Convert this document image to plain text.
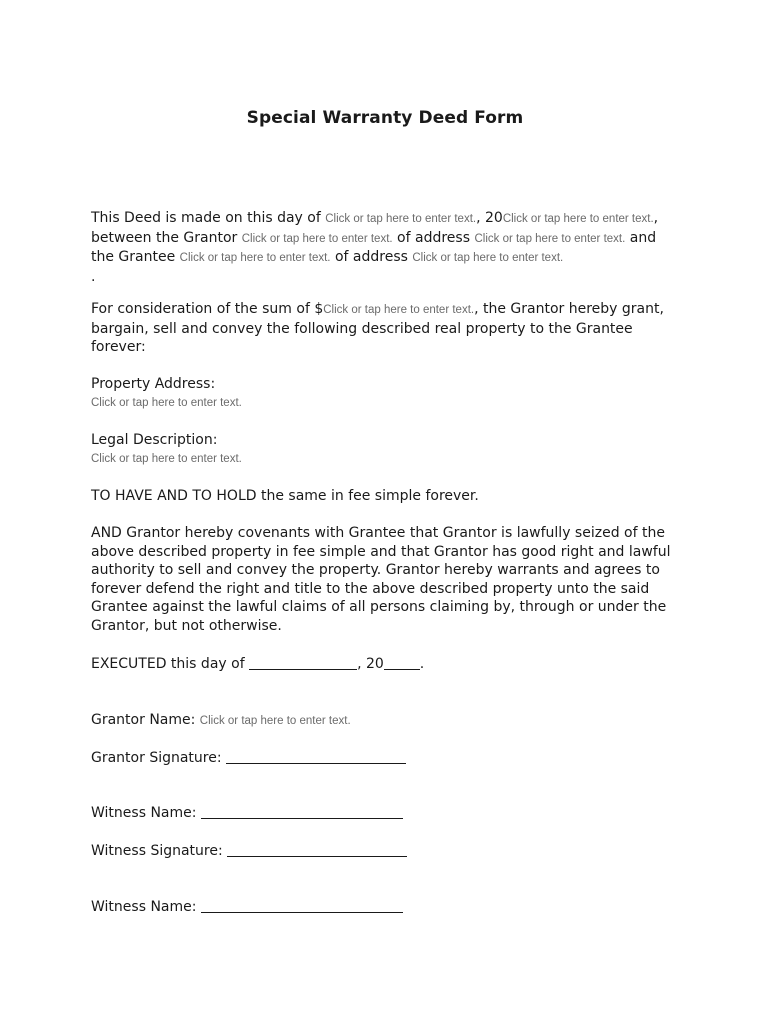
Special Warranty Deed Form

This Deed is made on this day of Click or tap here to enter text., 20Click or tap here to enter text., between the Grantor Click or tap here to enter text. of address Click or tap here to enter text. and the Grantee Click or tap here to enter text. of address Click or tap here to enter text.
.

For consideration of the sum of $Click or tap here to enter text., the Grantor hereby grant, bargain, sell and convey the following described real property to the Grantee forever:

Property Address:
Click or tap here to enter text.
Legal Description:
Click or tap here to enter text.
TO HAVE AND TO HOLD the same in fee simple forever.
AND Grantor hereby covenants with Grantee that Grantor is lawfully seized of the above described property in fee simple and that Grantor has good right and lawful authority to sell and convey the property. Grantor hereby warrants and agrees to forever defend the right and title to the above described property unto the said Grantee against the lawful claims of all persons claiming by, through or under the Grantor, but not otherwise.
EXECUTED this day of	, 20	.
Grantor Name: Click or tap here to enter text.
Grantor Signature:
Witness Name:
Witness Signature:
Witness Name:
